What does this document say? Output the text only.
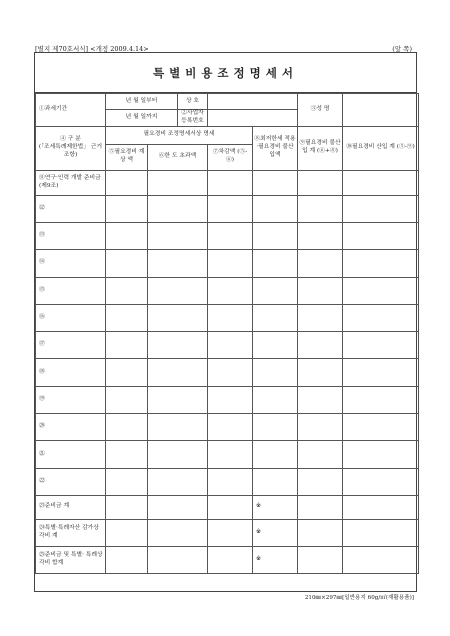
[별지 제70호서식] <개정 2009.4.14>	(앞 쪽)
특별비용조정명세서
①과세기간	년 월 일부터		상 호			③성 명	
	년 월 일까지		②사업자등록번호				

④ 구 분
(「조세특례제한법」 근거조항)	필요경비 조정명세서상 명세				⑧최저한세 적용·필요경비 불산입액	⑨필요경비 불산입 계 (⑥+⑧)	⑩필요경비 산입 계 (⑤-⑨)
	⑤필요경비 계 상 액	⑥한 도 초과액		⑦차감액 (⑤-⑥)			
⑪연구·인력 개발 준비금(제9조)							
⑫							
⑬							
⑭							
⑮							
⑯							
⑰							
⑱							
⑲							
⑳							
㉑							
㉒							
㉓준비금 계					※		
㉔특별·특례자산 감가상각비 계					※		
㉕준비금 및 특별· 특례상각비 합계					※		
210㎜×297㎜[일반용지 60g/㎡(재활용품)]
